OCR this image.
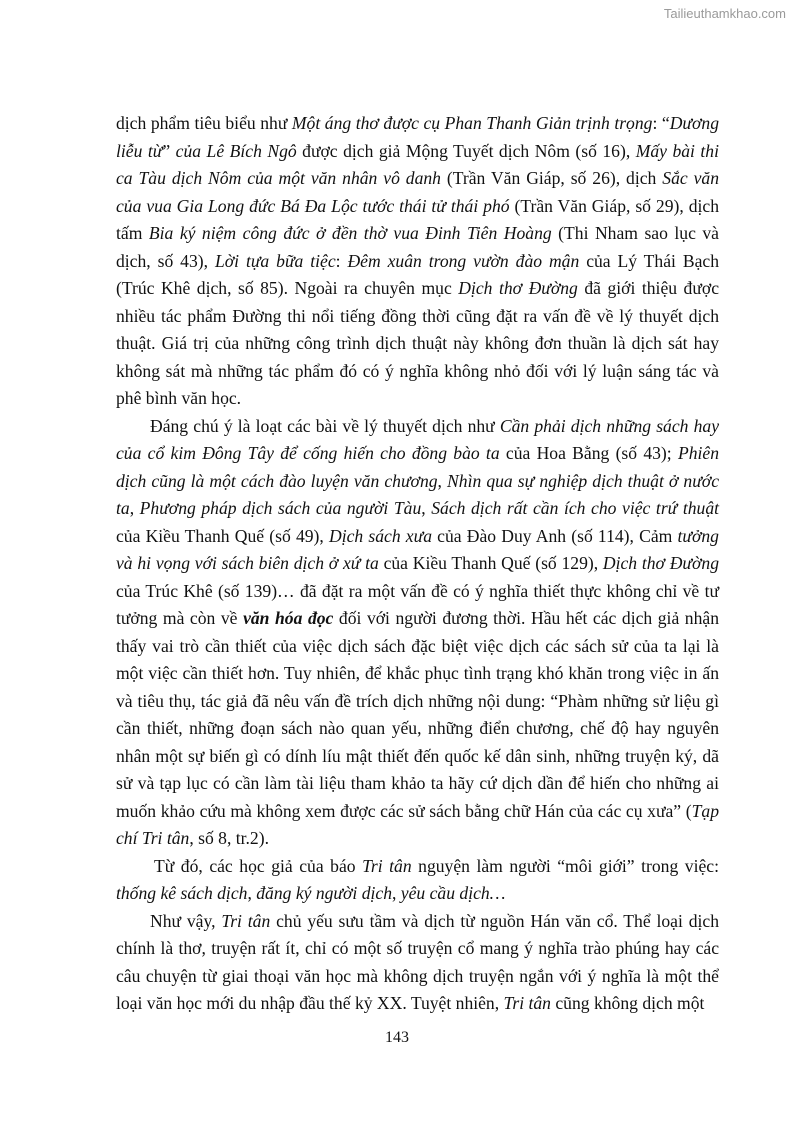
Tailieuthamkhao.com

dịch phẩm tiêu biểu như Một áng thơ được cụ Phan Thanh Giản trịnh trọng: “Dương liễu từ” của Lê Bích Ngô được dịch giả Mộng Tuyết dịch Nôm (số 16), Mấy bài thi ca Tàu dịch Nôm của một văn nhân vô danh (Trần Văn Giáp, số 26), dịch Sắc văn của vua Gia Long đức Bá Đa Lộc tước thái tử thái phó (Trần Văn Giáp, số 29), dịch tấm Bia ký niệm công đức ở đền thờ vua Đinh Tiên Hoàng (Thi Nham sao lục và dịch, số 43), Lời tựa bữa tiệc: Đêm xuân trong vườn đào mận của Lý Thái Bạch (Trúc Khê dịch, số 85). Ngoài ra chuyên mục Dịch thơ Đường đã giới thiệu được nhiều tác phẩm Đường thi nổi tiếng đồng thời cũng đặt ra vấn đề về lý thuyết dịch thuật. Giá trị của những công trình dịch thuật này không đơn thuần là dịch sát hay không sát mà những tác phẩm đó có ý nghĩa không nhỏ đối với lý luận sáng tác và phê bình văn học.

Đáng chú ý là loạt các bài về lý thuyết dịch như Cần phải dịch những sách hay của cổ kim Đông Tây để cống hiến cho đồng bào ta của Hoa Bằng (số 43); Phiên dịch cũng là một cách đào luyện văn chương, Nhìn qua sự nghiệp dịch thuật ở nước ta, Phương pháp dịch sách của người Tàu, Sách dịch rất cần ích cho việc trứ thuật của Kiều Thanh Quế (số 49), Dịch sách xưa của Đào Duy Anh (số 114), Cảm tưởng và hi vọng với sách biên dịch ở xứ ta của Kiều Thanh Quế (số 129), Dịch thơ Đường của Trúc Khê (số 139)… đã đặt ra một vấn đề có ý nghĩa thiết thực không chỉ về tư tưởng mà còn về văn hóa đọc đối với người đương thời. Hầu hết các dịch giả nhận thấy vai trò cần thiết của việc dịch sách đặc biệt việc dịch các sách sử của ta lại là một việc cần thiết hơn. Tuy nhiên, để khắc phục tình trạng khó khăn trong việc in ấn và tiêu thụ, tác giả đã nêu vấn đề trích dịch những nội dung: “Phàm những sử liệu gì cần thiết, những đoạn sách nào quan yếu, những điển chương, chế độ hay nguyên nhân một sự biến gì có dính líu mật thiết đến quốc kế dân sinh, những truyện ký, dã sử và tạp lục có cần làm tài liệu tham khảo ta hãy cứ dịch dần để hiến cho những ai muốn khảo cứu mà không xem được các sử sách bằng chữ Hán của các cụ xưa” (Tạp chí Tri tân, số 8, tr.2).

Từ đó, các học giả của báo Tri tân nguyện làm người “môi giới” trong việc: thống kê sách dịch, đăng ký người dịch, yêu cầu dịch…

Như vậy, Tri tân chủ yếu sưu tầm và dịch từ nguồn Hán văn cổ. Thể loại dịch chính là thơ, truyện rất ít, chỉ có một số truyện cổ mang ý nghĩa trào phúng hay các câu chuyện từ giai thoại văn học mà không dịch truyện ngắn với ý nghĩa là một thể loại văn học mới du nhập đầu thế kỷ XX. Tuyệt nhiên, Tri tân cũng không dịch một

143
